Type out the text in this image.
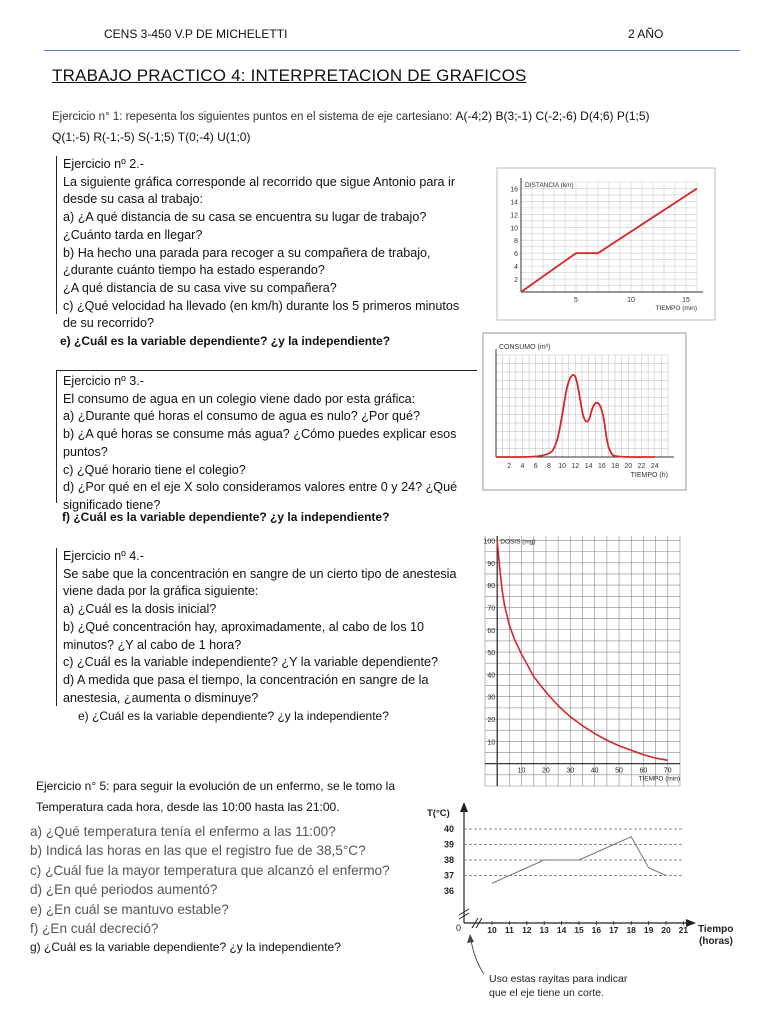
CENS 3-450 V.P DE MICHELETTI	2 AÑO
TRABAJO PRACTICO 4: INTERPRETACION DE GRAFICOS
Ejercicio n° 1: repesenta los siguientes puntos en el sistema de eje cartesiano: A(-4;2) B(3;-1) C(-2;-6) D(4;6) P(1;5)
Q(1;-5) R(-1;-5) S(-1;5) T(0;-4) U(1;0)
Ejercicio nº 2.-
La siguiente gráfica corresponde al recorrido que sigue Antonio para ir
desde su casa al trabajo:
a) ¿A qué distancia de su casa se encuentra su lugar de trabajo?
¿Cuánto tarda en llegar?
b) Ha hecho una parada para recoger a su compañera de trabajo,
¿durante cuánto tiempo ha estado esperando?
¿A qué distancia de su casa vive su compañera?
c) ¿Qué velocidad ha llevado (en km/h) durante los 5 primeros minutos
de su recorrido?
e) ¿Cuál es la variable dependiente? ¿y la independiente?
2
4
6
8
10
12
14
16
5	10	15
DISTANCIA (km)
TIEMPO (min)
2 4 6 8 10 12 14 16 18 20 22 24
CONSUMO (m³)
TIEMPO (h)
Ejercicio nº 3.-
El consumo de agua en un colegio viene dado por esta gráfica:
a) ¿Durante qué horas el consumo de agua es nulo? ¿Por qué?
b) ¿A qué horas se consume más agua? ¿Cómo puedes explicar esos
puntos?
c) ¿Qué horario tiene el colegio?
d) ¿Por qué en el eje X solo consideramos valores entre 0 y 24? ¿Qué
significado tiene?
f) ¿Cuál es la variable dependiente? ¿y la independiente?
Ejercicio nº 4.-
Se sabe que la concentración en sangre de un cierto tipo de anestesia
viene dada por la gráfica siguiente:
a) ¿Cuál es la dosis inicial?
b) ¿Qué concentración hay, aproximadamente, al cabo de los 10
minutos? ¿Y al cabo de 1 hora?
c) ¿Cuál es la variable independiente? ¿Y la variable dependiente?
d) A medida que pasa el tiempo, la concentración en sangre de la
anestesia, ¿aumenta o disminuye?
e) ¿Cuál es la variable dependiente? ¿y la independiente?
10
20
30
40
50
60
70
80
90
100
10 20 30 40 50 60 70
DOSIS (mg)
TIEMPO (min)
Ejercicio n° 5: para seguir la evolución de un enfermo, se le tomo la
Temperatura cada hora, desde las 10:00 hasta las 21:00.
a) ¿Qué temperatura tenía el enfermo a las 11:00?
b) Indicá las horas en las que el registro fue de 38,5°C?
c) ¿Cuál fue la mayor temperatura que alcanzó el enfermo?
d) ¿En qué periodos aumentó?
e) ¿En cuál se mantuvo estable?
f) ¿En cuál decreció?
g) ¿Cuál es la variable dependiente? ¿y la independiente?
36
37
38
39
40
10 11 12 13 14 15 16 17 18 19 20 21
0
T(°C)
Tiempo
(horas)
Uso estas rayitas para indicar
que el eje tiene un corte.
